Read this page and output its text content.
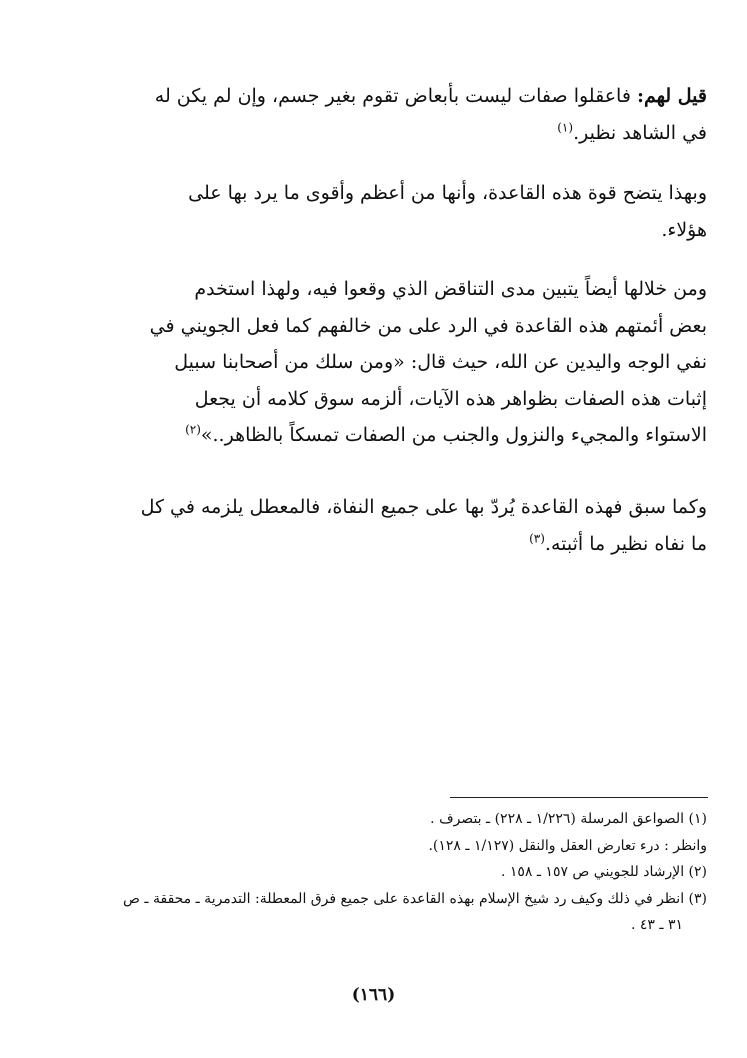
قيل لهم: فاعقلوا صفات ليست بأبعاض تقوم بغير جسم، وإن لم يكن له
في الشاهد نظير.$^{(١)}$
وبهذا يتضح قوة هذه القاعدة، وأنها من أعظم وأقوى ما يرد بها على
هؤلاء.
ومن خلالها أيضاً يتبين مدى التناقض الذي وقعوا فيه، ولهذا استخدم
بعض أئمتهم هذه القاعدة في الرد على من خالفهم كما فعل الجويني في
نفي الوجه واليدين عن الله، حيث قال: «ومن سلك من أصحابنا سبيل
إثبات هذه الصفات بظواهر هذه الآيات، ألزمه سوق كلامه أن يجعل
الاستواء والمجيء والنزول والجنب من الصفات تمسكاً بالظاهر..»$^{(٢)}$
وكما سبق فهذه القاعدة يُردّ بها على جميع النفاة، فالمعطل يلزمه في كل
ما نفاه نظير ما أثبته.$^{(٣)}$
(١) الصواعق المرسلة (١/٢٢٦ ـ ٢٢٨) ـ بتصرف .
وانظر : درء تعارض العقل والنقل (١/١٢٧ ـ ١٢٨).
(٢) الإرشاد للجويني ص ١٥٧ ـ ١٥٨ .
(٣) انظر في ذلك وكيف رد شيخ الإسلام بهذه القاعدة على جميع فرق المعطلة: التدمرية ـ محققة ـ ص
٣١ ـ ٤٣ .
(١٦٦)
